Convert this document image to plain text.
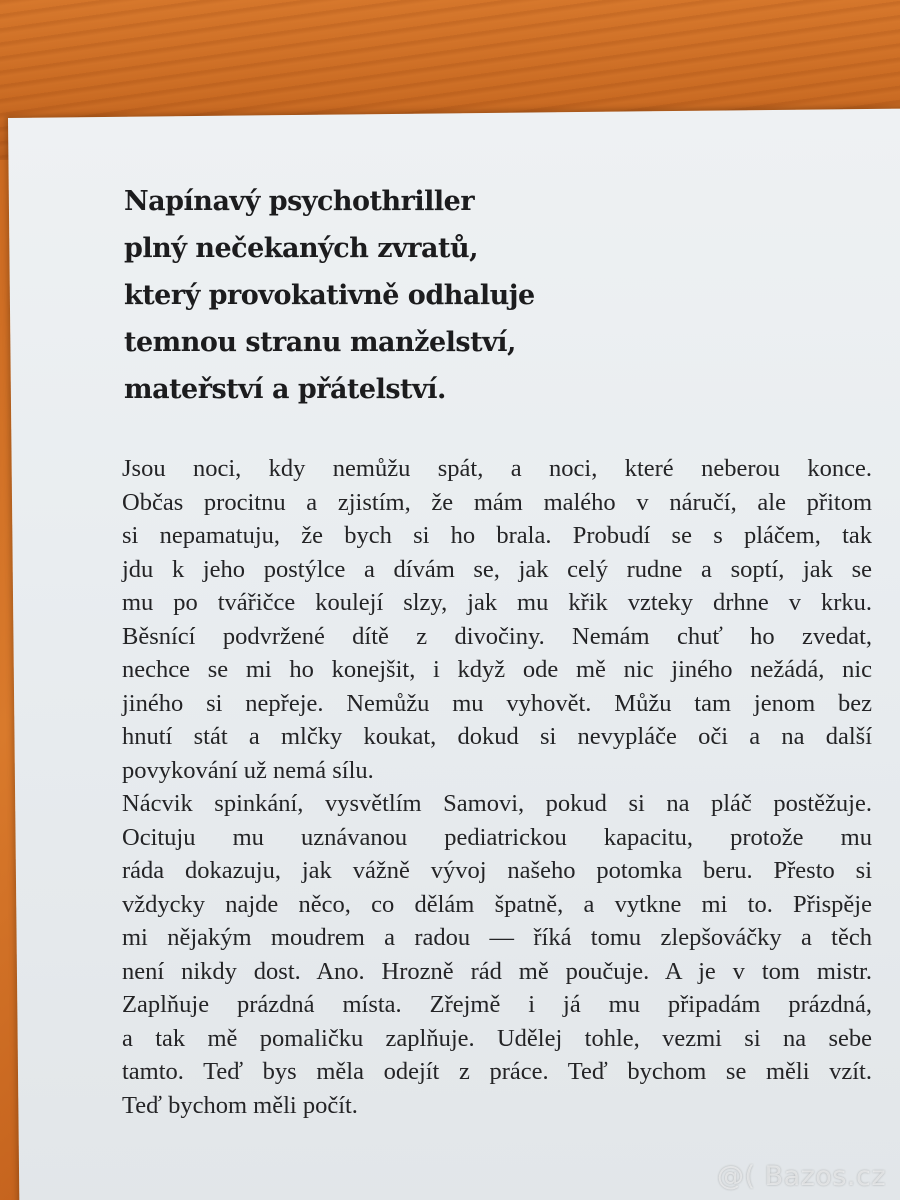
Napínavý psychothriller
plný nečekaných zvratů,
který provokativně odhaluje
temnou stranu manželství,
mateřství a přátelství.
Jsou noci, kdy nemůžu spát, a noci, které neberou konce.
Občas procitnu a zjistím, že mám malého v náručí, ale přitom
si nepamatuju, že bych si ho brala. Probudí se s pláčem, tak
jdu k jeho postýlce a dívám se, jak celý rudne a soptí, jak se
mu po tvářičce koulejí slzy, jak mu křik vzteky drhne v krku.
Běsnící podvržené dítě z divočiny. Nemám chuť ho zvedat,
nechce se mi ho konejšit, i když ode mě nic jiného nežádá, nic
jiného si nepřeje. Nemůžu mu vyhovět. Můžu tam jenom bez
hnutí stát a mlčky koukat, dokud si nevypláče oči a na další
povykování už nemá sílu.
Nácvik spinkání, vysvětlím Samovi, pokud si na pláč postěžuje.
Ocituju mu uznávanou pediatrickou kapacitu, protože mu
ráda dokazuju, jak vážně vývoj našeho potomka beru. Přesto si
vždycky najde něco, co dělám špatně, a vytkne mi to. Přispěje
mi nějakým moudrem a radou — říká tomu zlepšováčky a těch
není nikdy dost. Ano. Hrozně rád mě poučuje. A je v tom mistr.
Zaplňuje prázdná místa. Zřejmě i já mu připadám prázdná,
a tak mě pomaličku zaplňuje. Udělej tohle, vezmi si na sebe
tamto. Teď bys měla odejít z práce. Teď bychom se měli vzít.
Teď bychom měli počít.
@( Bazos.cz
